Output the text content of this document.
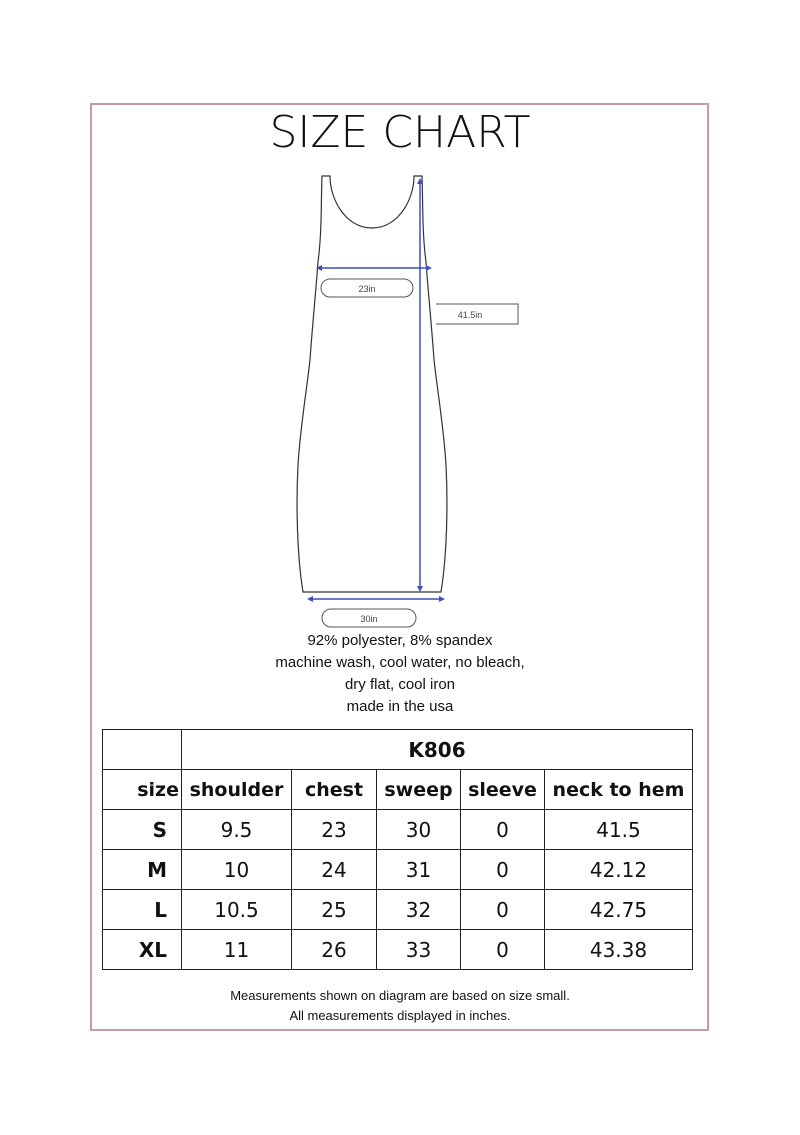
SIZE CHART
23in
41.5in
30in
92% polyester, 8% spandex
machine wash, cool water, no bleach,
dry flat, cool iron
made in the usa
	K806				
size	shoulder	chest	sweep	sleeve	neck to hem
S	9.5	23	30	0	41.5
M	10	24	31	0	42.12
L	10.5	25	32	0	42.75
XL	11	26	33	0	43.38
Measurements shown on diagram are based on size small.
All measurements displayed in inches.
